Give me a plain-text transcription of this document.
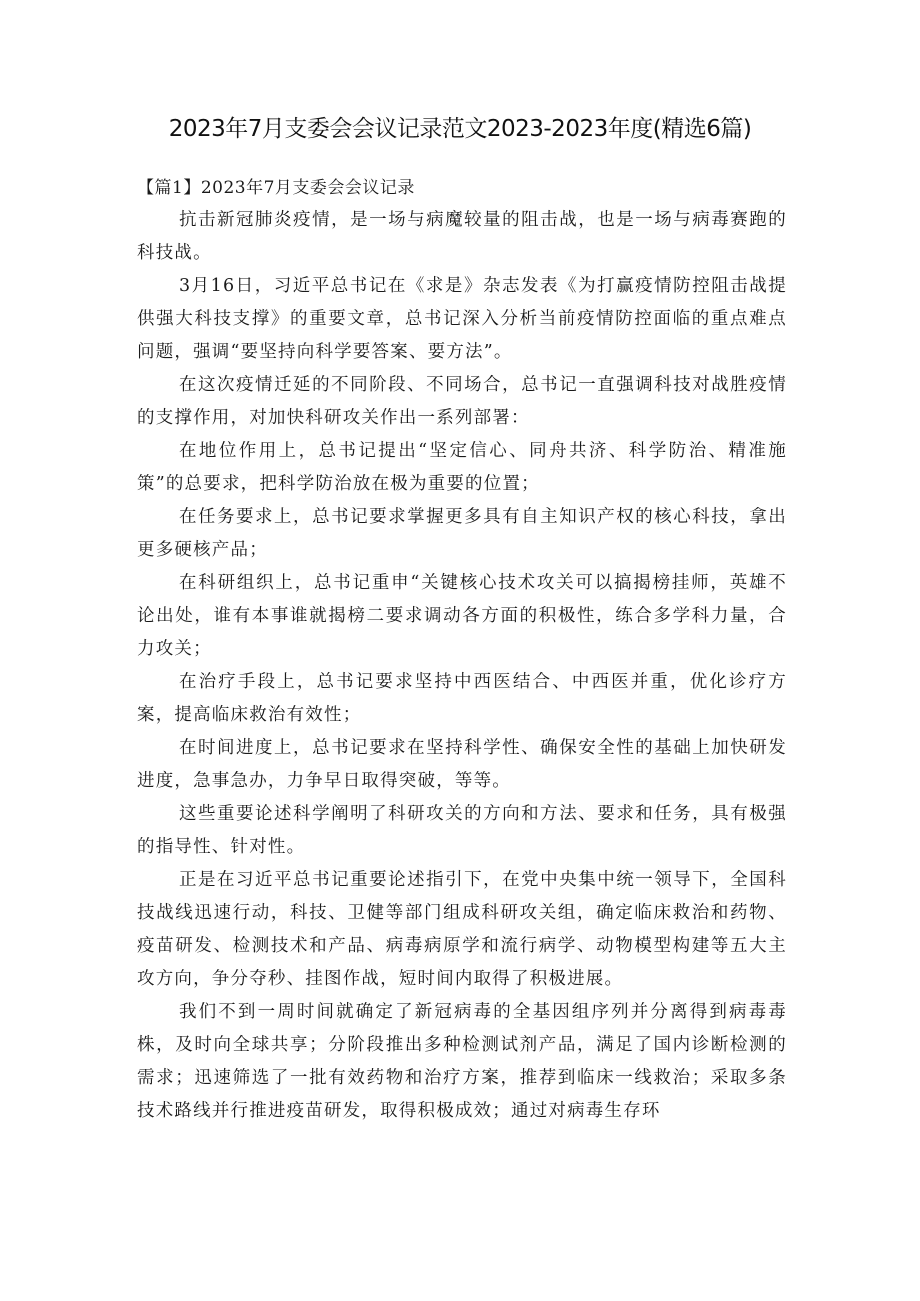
2023年7月支委会会议记录范文2023-2023年度(精选6篇)
【篇1】2023年7月支委会会议记录

抗击新冠肺炎疫情，是一场与病魔较量的阻击战，也是一场与病毒赛跑的科技战。

3月16日，习近平总书记在《求是》杂志发表《为打赢疫情防控阻击战提供强大科技支撑》的重要文章，总书记深入分析当前疫情防控面临的重点难点问题，强调“要坚持向科学要答案、要方法”。

在这次疫情迁延的不同阶段、不同场合，总书记一直强调科技对战胜疫情的支撑作用，对加快科研攻关作出一系列部署：

在地位作用上，总书记提出“坚定信心、同舟共济、科学防治、精准施策”的总要求，把科学防治放在极为重要的位置；

在任务要求上，总书记要求掌握更多具有自主知识产权的核心科技，拿出更多硬核产品；

在科研组织上，总书记重申“关键核心技术攻关可以搞揭榜挂师，英雄不论出处，谁有本事谁就揭榜二要求调动各方面的积极性，练合多学科力量，合力攻关；

在治疗手段上，总书记要求坚持中西医结合、中西医并重，优化诊疗方案，提高临床救治有效性；

在时间进度上，总书记要求在坚持科学性、确保安全性的基础上加快研发进度，急事急办，力争早日取得突破，等等。

这些重要论述科学阐明了科研攻关的方向和方法、要求和任务，具有极强的指导性、针对性。

正是在习近平总书记重要论述指引下，在党中央集中统一领导下，全国科技战线迅速行动，科技、卫健等部门组成科研攻关组，确定临床救治和药物、疫苗研发、检测技术和产品、病毒病原学和流行病学、动物模型构建等五大主攻方向，争分夺秒、挂图作战，短时间内取得了积极进展。

我们不到一周时间就确定了新冠病毒的全基因组序列并分离得到病毒毒株，及时向全球共享；分阶段推出多种检测试剂产品，满足了国内诊断检测的需求；迅速筛选了一批有效药物和治疗方案，推荐到临床一线救治；采取多条技术路线并行推进疫苗研发，取得积极成效；通过对病毒生存环
